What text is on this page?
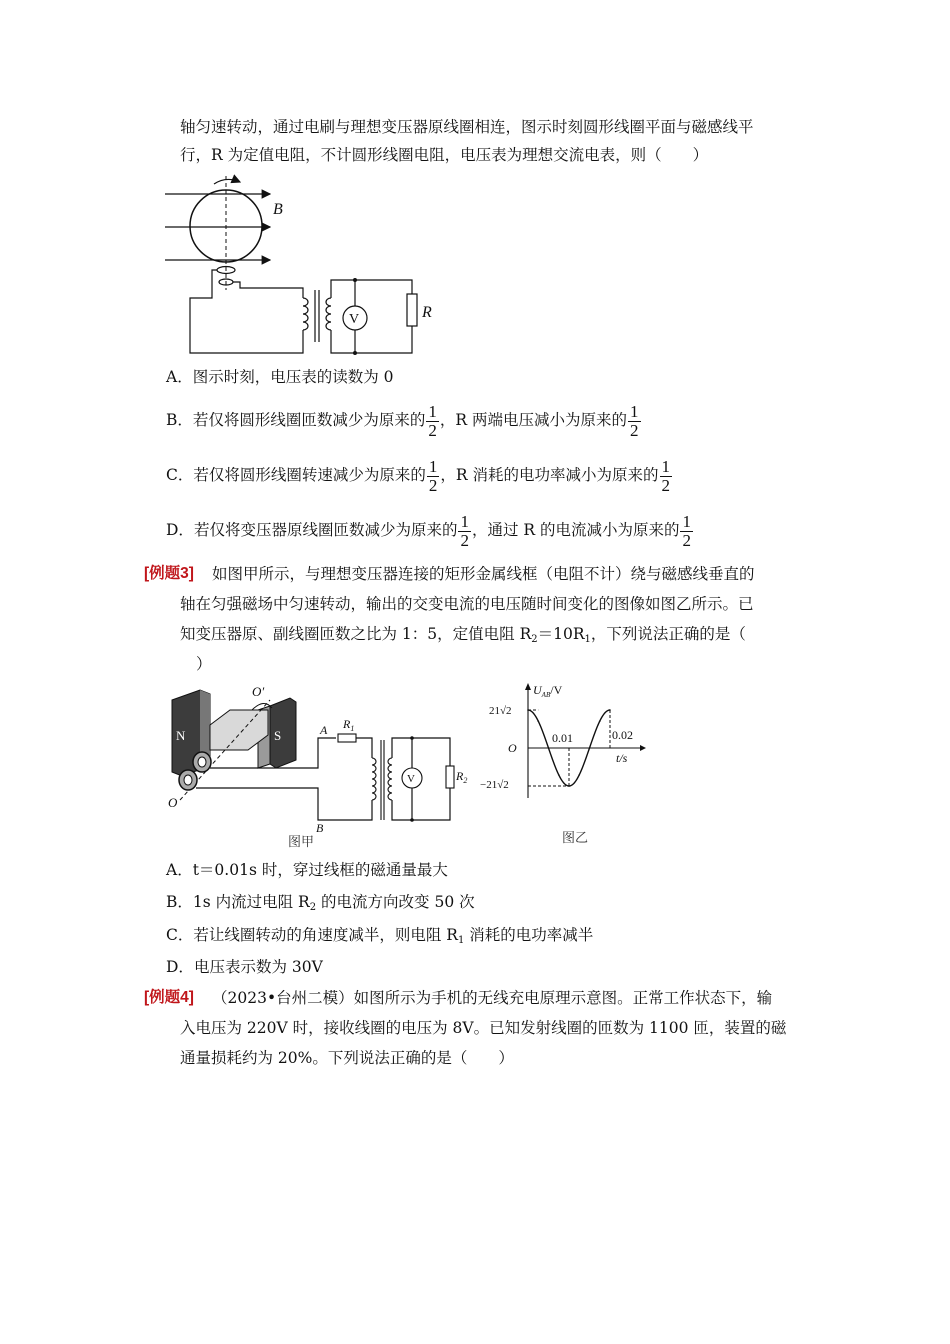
轴匀速转动，通过电刷与理想变压器原线圈相连，图示时刻圆形线圈平面与磁感线平
行，R 为定值电阻，不计圆形线圈电阻，电压表为理想交流电表，则（　　）
B
V	R
A．图示时刻，电压表的读数为 0
B．若仅将圆形线圈匝数减少为原来的 $\frac{1}{2}$ ，R 两端电压减小为原来的 $\frac{1}{2}$
C．若仅将圆形线圈转速减少为原来的 $\frac{1}{2}$ ，R 消耗的电功率减小为原来的 $\frac{1}{2}$
D．若仅将变压器原线圈匝数减少为原来的 $\frac{1}{2}$ ，通过 R 的电流减小为原来的 $\frac{1}{2}$
[例题3] 如图甲所示，与理想变压器连接的矩形金属线框（电阻不计）绕与磁感线垂直的
轴在匀强磁场中匀速转动，输出的交变电流的电压随时间变化的图像如图乙所示。已
知变压器原、副线圈匝数之比为 1：5，定值电阻 $R_2=10R_1$，下列说法正确的是（
）
N	S
O′
O
A
B
$R_1$
V	$R_2$
图甲
$U_{AB}/V$
t/s
O
21√2
−21√2
0.01	0.02
图乙
A．t＝0.01s 时，穿过线框的磁通量最大
B．1s 内流过电阻 $R_2$ 的电流方向改变 50 次
C．若让线圈转动的角速度减半，则电阻 $R_1$ 消耗的电功率减半
D．电压表示数为 30V
[例题4] （2023•台州二模）如图所示为手机的无线充电原理示意图。正常工作状态下，输
入电压为 220V 时，接收线圈的电压为 8V。已知发射线圈的匝数为 1100 匝，装置的磁
通量损耗约为 20%。下列说法正确的是（　　）
